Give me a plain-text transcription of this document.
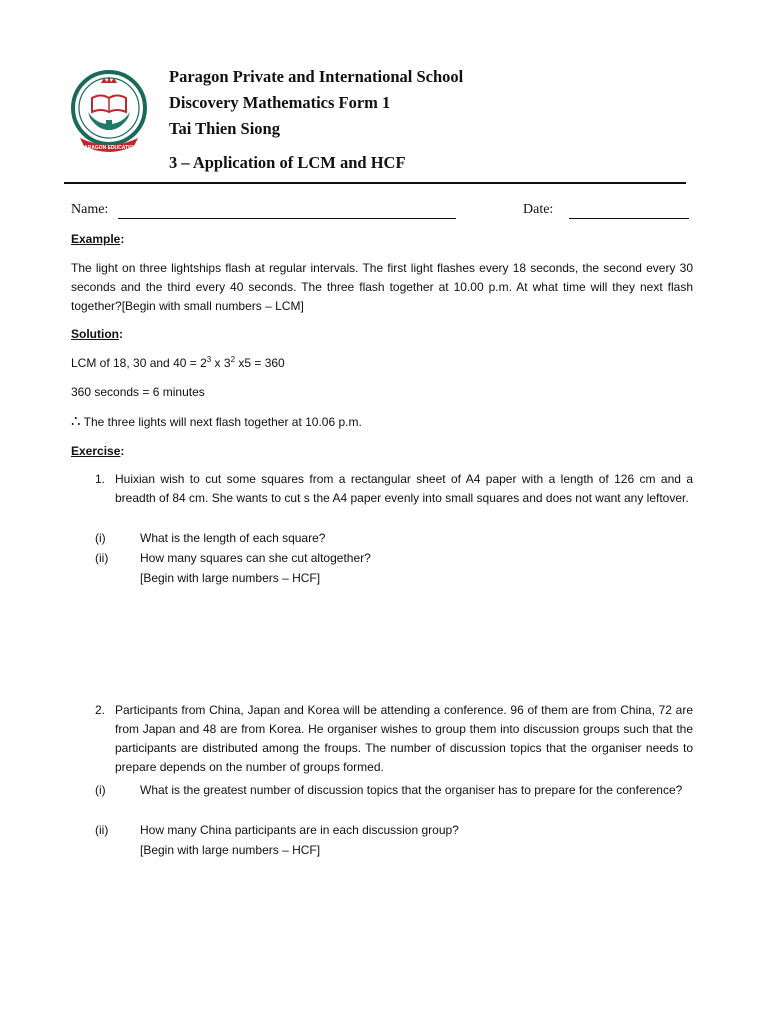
PARAGON EDUCATION
Paragon Private and International School
Discovery Mathematics Form 1
Tai Thien Siong
3 – Application of LCM and HCF
Name:	Date:
Example:
The light on three lightships flash at regular intervals. The first light flashes every 18 seconds, the second every 30 seconds and the third every 40 seconds. The three flash together at 10.00 p.m. At what time will they next flash together?[Begin with small numbers – LCM]
Solution:
LCM of 18, 30 and $40 = 2^3$ x $3^2$ x5 = 360
360 seconds = 6 minutes
∴ The three lights will next flash together at 10.06 p.m.
Exercise:
1. Huixian wish to cut some squares from a rectangular sheet of A4 paper with a length of 126 cm and a breadth of 84 cm. She wants to cut s the A4 paper evenly into small squares and does not want any leftover.
(i)	What is the length of each square?
(ii)	How many squares can she cut altogether?
[Begin with large numbers – HCF]
2. Participants from China, Japan and Korea will be attending a conference. 96 of them are from China, 72 are from Japan and 48 are from Korea. He organiser wishes to group them into discussion groups such that the participants are distributed among the froups. The number of discussion topics that the organiser needs to prepare depends on the number of groups formed.
(i)	What is the greatest number of discussion topics that the organiser has to prepare for the conference?
(ii)	How many China participants are in each discussion group?
[Begin with large numbers – HCF]
